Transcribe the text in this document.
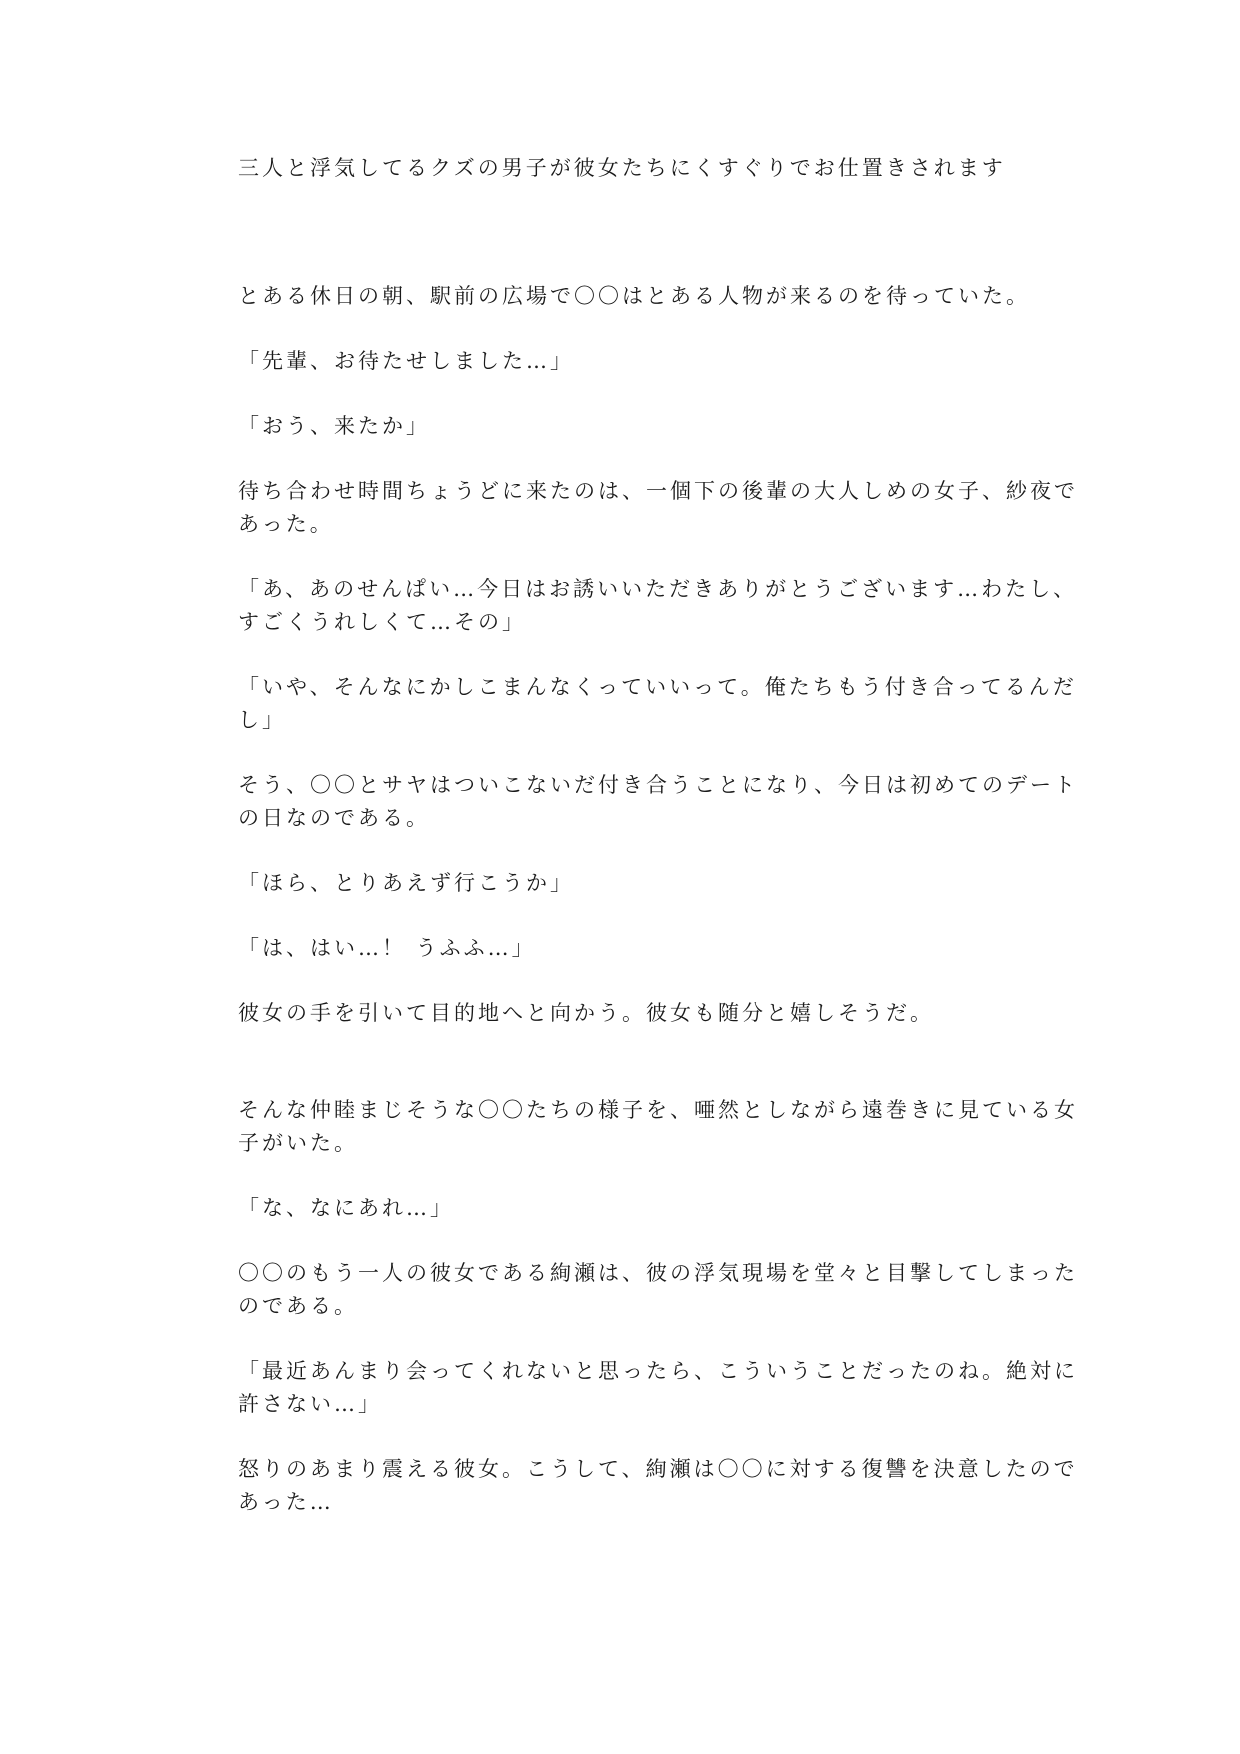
三人と浮気してるクズの男子が彼女たちにくすぐりでお仕置きされます

とある休日の朝、駅前の広場で〇〇はとある人物が来るのを待っていた。

「先輩、お待たせしました…」

「おう、来たか」

待ち合わせ時間ちょうどに来たのは、一個下の後輩の大人しめの女子、紗夜で
あった。

「あ、あのせんぱい…今日はお誘いいただきありがとうございます…わたし、
すごくうれしくて…その」

「いや、そんなにかしこまんなくっていいって。俺たちもう付き合ってるんだ
し」

そう、〇〇とサヤはついこないだ付き合うことになり、今日は初めてのデート
の日なのである。

「ほら、とりあえず行こうか」

「は、はい…！ うふふ…」

彼女の手を引いて目的地へと向かう。彼女も随分と嬉しそうだ。

そんな仲睦まじそうな〇〇たちの様子を、唖然としながら遠巻きに見ている女
子がいた。

「な、なにあれ…」

〇〇のもう一人の彼女である絢瀬は、彼の浮気現場を堂々と目撃してしまった
のである。

「最近あんまり会ってくれないと思ったら、こういうことだったのね。絶対に
許さない…」

怒りのあまり震える彼女。こうして、絢瀬は〇〇に対する復讐を決意したので
あった…
